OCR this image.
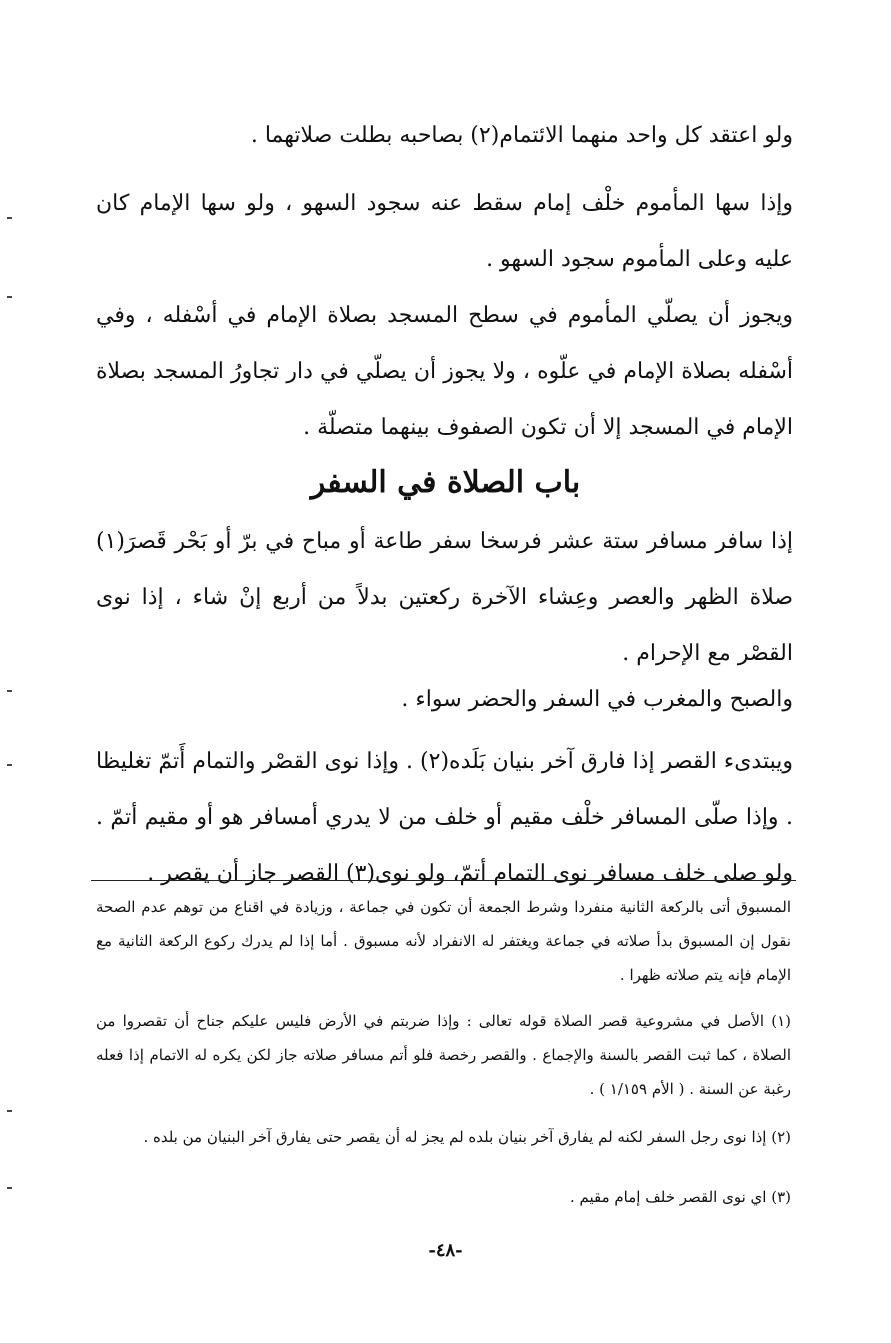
ولو اعتقد كل واحد منهما الائتمام(٢) بصاحبه بطلت صلاتهما .

وإذا سها المأموم خلْف إمام سقط عنه سجود السهو ، ولو سها الإمام كان عليه وعلى المأموم سجود السهو .

ويجوز أن يصلّي المأموم في سطح المسجد بصلاة الإمام في أسْفله ، وفي أسْفله بصلاة الإمام في علّوه ، ولا يجوز أن يصلّي في دار تجاورُ المسجد بصلاة الإمام في المسجد إلا أن تكون الصفوف بينهما متصلّة .

باب الصلاة في السفر

إذا سافر مسافر ستة عشر فرسخا سفر طاعة أو مباح في برّ أو بَحْر قَصرَ(١) صلاة الظهر والعصر وعِشاء الآخرة ركعتين بدلاً من أربع إنْ شاء ، إذا نوى القصْر مع الإحرام .

والصبح والمغرب في السفر والحضر سواء .

ويبتدىء القصر إذا فارق آخر بنيان بَلَده(٢) . وإذا نوى القصْر والتمام أَتمّ تغليظا . وإذا صلّى المسافر خلْف مقيم أو خلف من لا يدري أمسافر هو أو مقيم أتمّ . ولو صلى خلف مسافر نوى التمام أتمّ، ولو نوى(٣) القصر جاز أن يقصر .

المسبوق أتى بالركعة الثانية منفردا وشرط الجمعة أن تكون في جماعة ، وزيادة في اقناع من توهم عدم الصحة نقول إن المسبوق بدأ صلاته في جماعة ويغتفر له الانفراد لأنه مسبوق . أما إذا لم يدرك ركوع الركعة الثانية مع الإمام فإنه يتم صلاته ظهرا .

(١) الأصل في مشروعية قصر الصلاة قوله تعالى : وإذا ضربتم في الأرض فليس عليكم جناح أن تقصروا من الصلاة ، كما ثبت القصر بالسنة والإجماع . والقصر رخصة فلو أتم مسافر صلاته جاز لكن يكره له الاتمام إذا فعله رغبة عن السنة . ( الأم ١/١٥٩ ) .

(٢) إذا نوى رجل السفر لكنه لم يفارق آخر بنيان بلده لم يجز له أن يقصر حتى يفارق آخر البنيان من بلده .

(٣) اي نوى القصر خلف إمام مقيم .

-٤٨-
